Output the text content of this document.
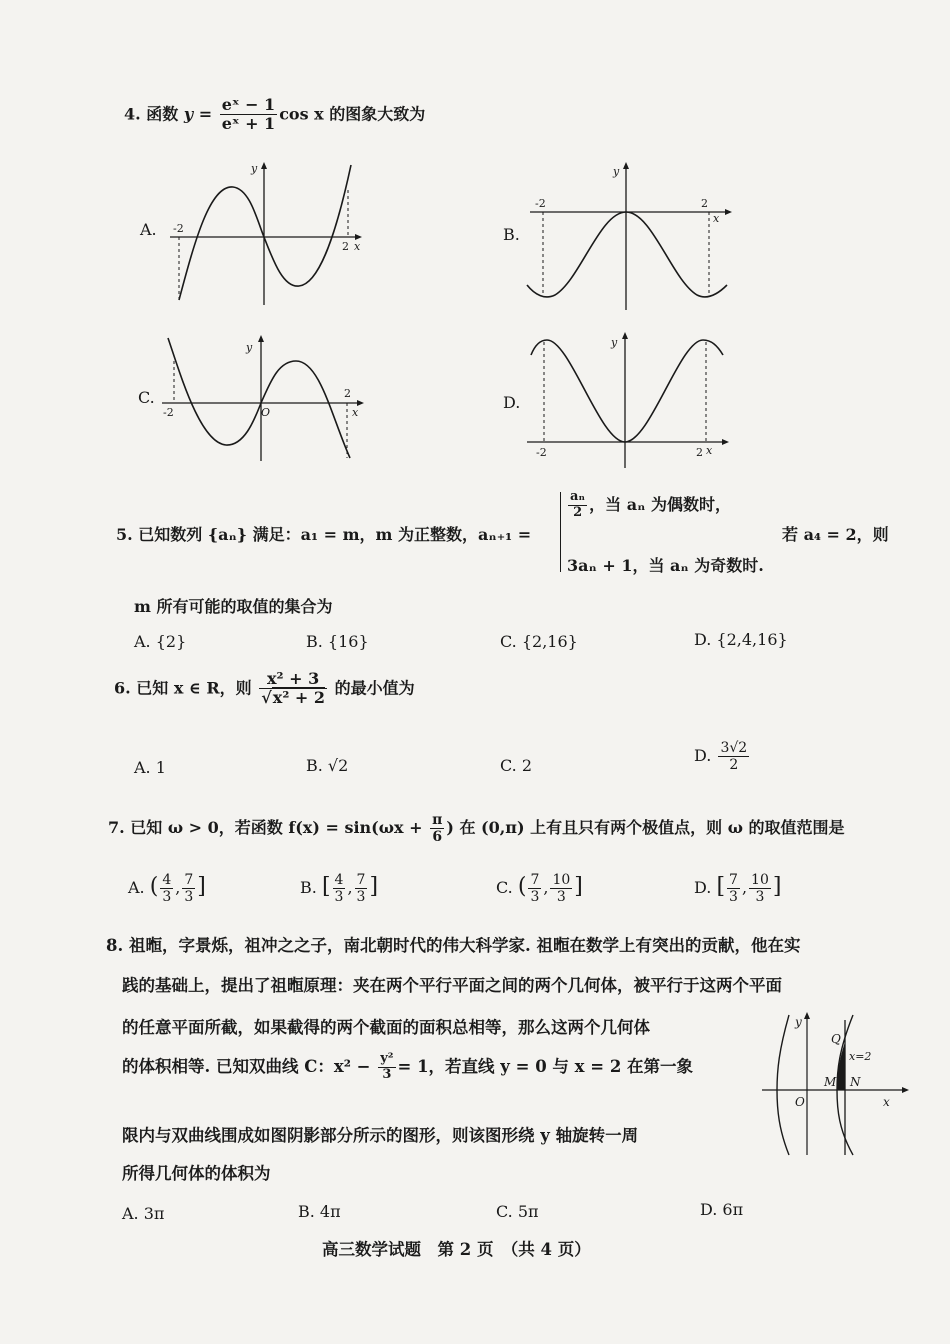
4. 函数 $y = \frac{\text{eˣ − 1}}{\text{eˣ + 1}}$ cos x 的图象大致为
A. -2
2 x
y
B.
-2	2
x
y
C.
-2
2
x
y
O
D.
-2	2 x
y
5. 已知数列 {aₙ} 满足：a₁ = m，m 为正整数，aₙ₊₁ =
$\frac{\text{aₙ}}{2}$ ，当 aₙ 为偶数时，
3aₙ + 1，当 aₙ 为奇数时.
若 a₄ = 2，则
m 所有可能的取值的集合为
A. {2}	B. {16}	C. {2,16}	D. {2,4,16}
6. 已知 x ∈ R，则 $\frac{\text{x² + 3}}{\text{√x² + 2}}$ 的最小值为
A. 1	B. √2	C. 2
D. $\frac{3√2}{2}$
7. 已知 ω > 0，若函数 $f(x) = \sin(\omega x + \frac{\pi}{6}$ ) 在 (0,π) 上有且只有两个极值点，则 ω 的取值范围是
A. ( $\frac{4}{3}$ , $\frac{7}{3}$ ]	B. [ $\frac{4}{3}$ , $\frac{7}{3}$ ]	C. ( $\frac{7}{3}$ , $\frac{10}{3}$ ]	D. [ $\frac{7}{3}$ , $\frac{10}{3}$ ]
8. 祖暅，字景烁，祖冲之之子，南北朝时代的伟大科学家. 祖暅在数学上有突出的贡献，他在实
践的基础上，提出了祖暅原理：夹在两个平行平面之间的两个几何体，被平行于这两个平面
的任意平面所截，如果截得的两个截面的面积总相等，那么这两个几何体
的体积相等. 已知双曲线 C：$x^2 - \frac{\text{y²}}{3} = 1$，若直线 y = 0 与 x = 2 在第一象
限内与双曲线围成如图阴影部分所示的图形，则该图形绕 y 轴旋转一周
所得几何体的体积为
y
x
O
Q
M N
x=2
A. 3π	B. 4π	C. 5π	D. 6π
高三数学试题　第 2 页　（共 4 页）
